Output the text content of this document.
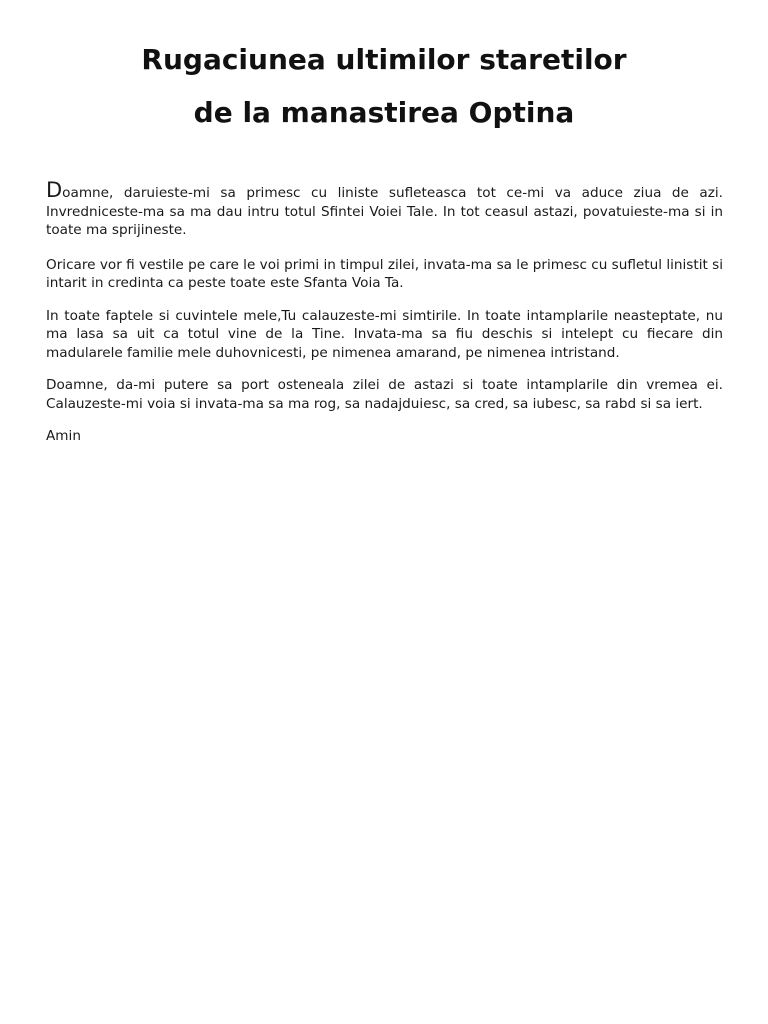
Rugaciunea ultimilor staretilor
de la manastirea Optina

Doamne, daruieste-mi sa primesc cu liniste sufleteasca tot ce-mi va aduce ziua de azi. Invredniceste-ma sa ma dau intru totul Sfintei Voiei Tale. In tot ceasul astazi, povatuieste-ma si in toate ma sprijineste.

Oricare vor fi vestile pe care le voi primi in timpul zilei, invata-ma sa le primesc cu sufletul linistit si intarit in credinta ca peste toate este Sfanta Voia Ta.

In toate faptele si cuvintele mele,Tu calauzeste-mi simtirile. In toate intamplarile neasteptate, nu ma lasa sa uit ca totul vine de la Tine. Invata-ma sa fiu deschis si intelept cu fiecare din madularele familie mele duhovnicesti, pe nimenea amarand, pe nimenea intristand.

Doamne, da-mi putere sa port osteneala zilei de astazi si toate intamplarile din vremea ei. Calauzeste-mi voia si invata-ma sa ma rog, sa nadajduiesc, sa cred, sa iubesc, sa rabd si sa iert.

Amin
